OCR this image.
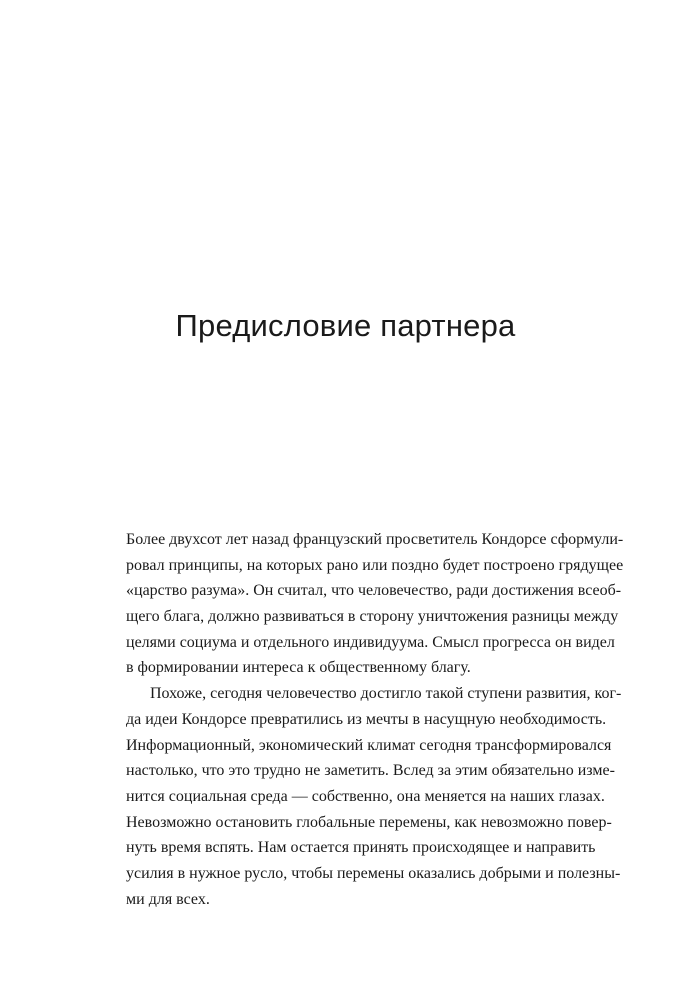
Предисловие партнера
Более двухсот лет назад французский просветитель Кондорсе сформули-
ровал принципы, на которых рано или поздно будет построено грядущее
«царство разума». Он считал, что человечество, ради достижения всеоб-
щего блага, должно развиваться в сторону уничтожения разницы между
целями социума и отдельного индивидуума. Смысл прогресса он видел
в формировании интереса к общественному благу.
Похоже, сегодня человечество достигло такой ступени развития, ког-
да идеи Кондорсе превратились из мечты в насущную необходимость.
Информационный, экономический климат сегодня трансформировался
настолько, что это трудно не заметить. Вслед за этим обязательно изме-
нится социальная среда — собственно, она меняется на наших глазах.
Невозможно остановить глобальные перемены, как невозможно повер-
нуть время вспять. Нам остается принять происходящее и направить
усилия в нужное русло, чтобы перемены оказались добрыми и полезны-
ми для всех.
